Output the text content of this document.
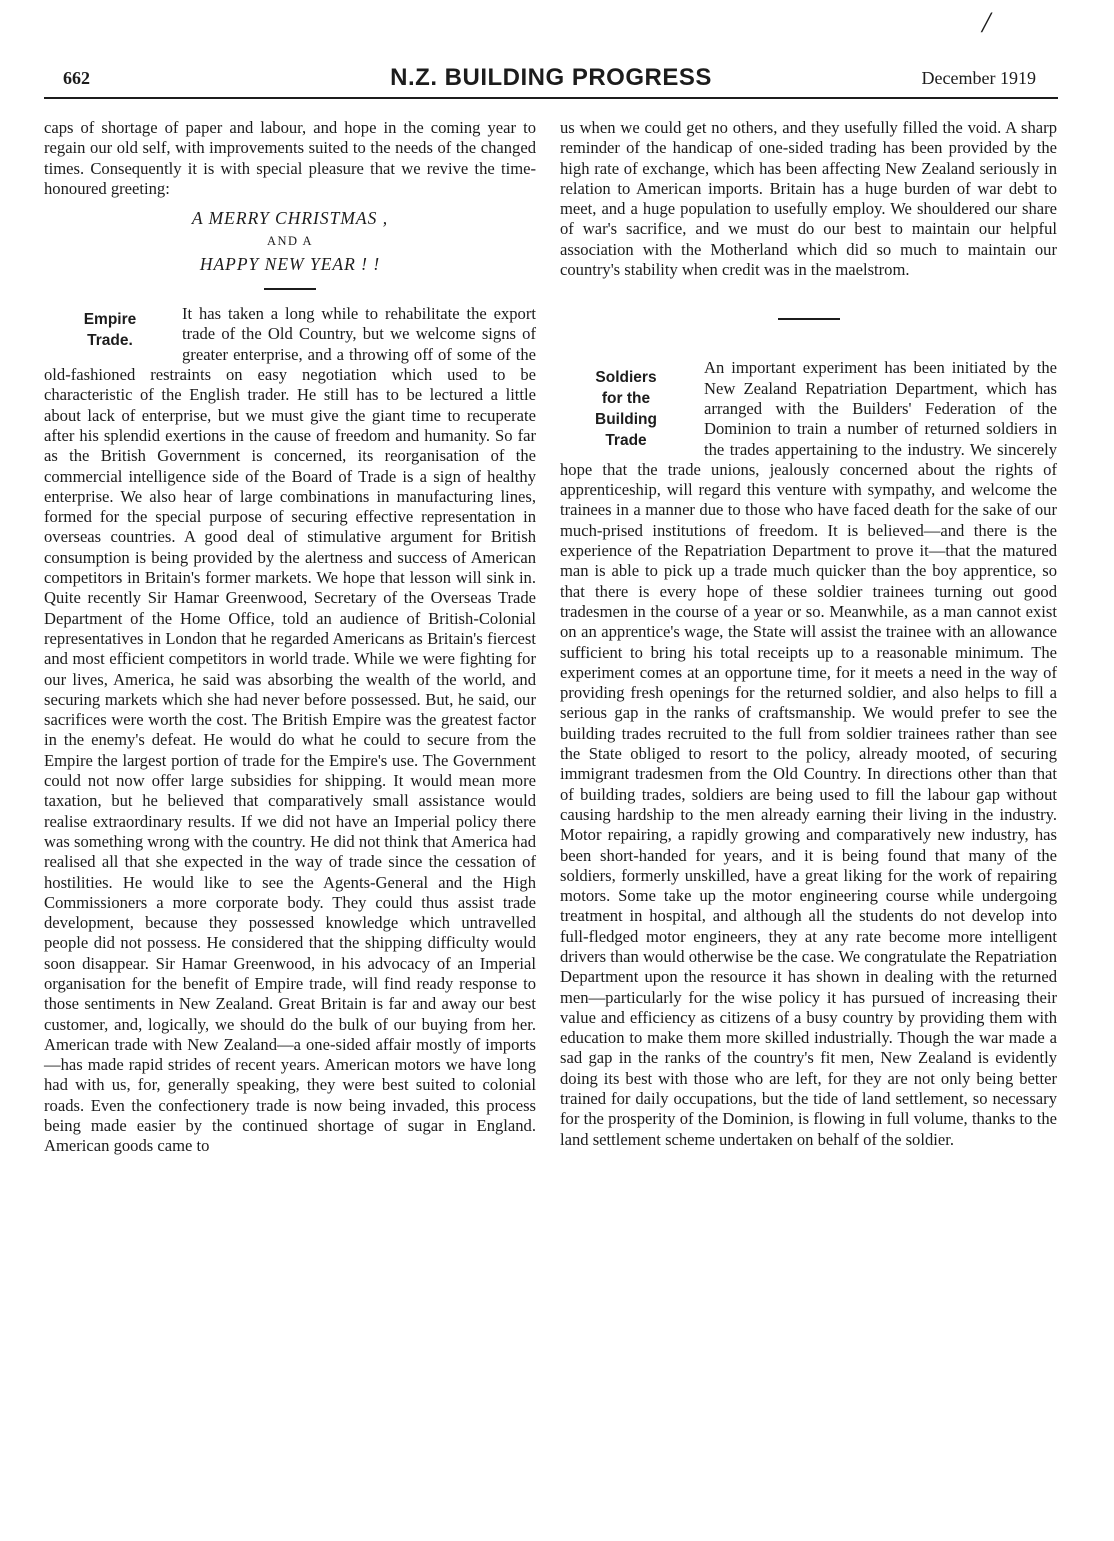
/
662	N.Z. BUILDING PROGRESS	December 1919

caps of shortage of paper and labour, and hope in the coming year to regain our old self, with improvements suited to the needs of the changed times. Consequently it is with special pleasure that we revive the time-honoured greeting:

A MERRY CHRISTMAS ,
AND A
HAPPY NEW YEAR ! !
Empire
Trade.

It has taken a long while to rehabilitate the export trade of the Old Country, but we welcome signs of greater enterprise, and a throwing off of some of the old-fashioned restraints on easy negotiation which used to be characteristic of the English trader. He still has to be lectured a little about lack of enterprise, but we must give the giant time to recuperate after his splendid exertions in the cause of freedom and humanity. So far as the British Government is concerned, its reorganisation of the commercial intelligence side of the Board of Trade is a sign of healthy enterprise. We also hear of large combinations in manufacturing lines, formed for the special purpose of securing effective representation in overseas countries. A good deal of stimulative argument for British consumption is being provided by the alertness and success of American competitors in Britain's former markets. We hope that lesson will sink in. Quite recently Sir Hamar Greenwood, Secretary of the Overseas Trade Department of the Home Office, told an audience of British-Colonial representatives in London that he regarded Americans as Britain's fiercest and most efficient competitors in world trade. While we were fighting for our lives, America, he said was absorbing the wealth of the world, and securing markets which she had never before possessed. But, he said, our sacrifices were worth the cost. The British Empire was the greatest factor in the enemy's defeat. He would do what he could to secure from the Empire the largest portion of trade for the Empire's use. The Government could not now offer large subsidies for shipping. It would mean more taxation, but he believed that comparatively small assistance would realise extraordinary results. If we did not have an Imperial policy there was something wrong with the country. He did not think that America had realised all that she expected in the way of trade since the cessation of hostilities. He would like to see the Agents-General and the High Commissioners a more corporate body. They could thus assist trade development, because they possessed knowledge which untravelled people did not possess. He considered that the shipping difficulty would soon disappear. Sir Hamar Greenwood, in his advocacy of an Imperial organisation for the benefit of Empire trade, will find ready response to those sentiments in New Zealand. Great Britain is far and away our best customer, and, logically, we should do the bulk of our buying from her. American trade with New Zealand—a one-sided affair mostly of imports—has made rapid strides of recent years. American motors we have long had with us, for, generally speaking, they were best suited to colonial roads. Even the confectionery trade is now being invaded, this process being made easier by the continued shortage of sugar in England. American goods came to

us when we could get no others, and they usefully filled the void. A sharp reminder of the handicap of one-sided trading has been provided by the high rate of exchange, which has been affecting New Zealand seriously in relation to American imports. Britain has a huge burden of war debt to meet, and a huge population to usefully employ. We shouldered our share of war's sacrifice, and we must do our best to maintain our helpful association with the Motherland which did so much to maintain our country's stability when credit was in the maelstrom.

Soldiers
for the
Building
Trade

An important experiment has been initiated by the New Zealand Repatriation Department, which has arranged with the Builders' Federation of the Dominion to train a number of returned soldiers in the trades appertaining to the industry. We sincerely hope that the trade unions, jealously concerned about the rights of apprenticeship, will regard this venture with sympathy, and welcome the trainees in a manner due to those who have faced death for the sake of our much-prised institutions of freedom. It is believed—and there is the experience of the Repatriation Department to prove it—that the matured man is able to pick up a trade much quicker than the boy apprentice, so that there is every hope of these soldier trainees turning out good tradesmen in the course of a year or so. Meanwhile, as a man cannot exist on an apprentice's wage, the State will assist the trainee with an allowance sufficient to bring his total receipts up to a reasonable minimum. The experiment comes at an opportune time, for it meets a need in the way of providing fresh openings for the returned soldier, and also helps to fill a serious gap in the ranks of craftsmanship. We would prefer to see the building trades recruited to the full from soldier trainees rather than see the State obliged to resort to the policy, already mooted, of securing immigrant tradesmen from the Old Country. In directions other than that of building trades, soldiers are being used to fill the labour gap without causing hardship to the men already earning their living in the industry. Motor repairing, a rapidly growing and comparatively new industry, has been short-handed for years, and it is being found that many of the soldiers, formerly unskilled, have a great liking for the work of repairing motors. Some take up the motor engineering course while undergoing treatment in hospital, and although all the students do not develop into full-fledged motor engineers, they at any rate become more intelligent drivers than would otherwise be the case. We congratulate the Repatriation Department upon the resource it has shown in dealing with the returned men—particularly for the wise policy it has pursued of increasing their value and efficiency as citizens of a busy country by providing them with education to make them more skilled industrially. Though the war made a sad gap in the ranks of the country's fit men, New Zealand is evidently doing its best with those who are left, for they are not only being better trained for daily occupations, but the tide of land settlement, so necessary for the prosperity of the Dominion, is flowing in full volume, thanks to the land settlement scheme undertaken on behalf of the soldier.
